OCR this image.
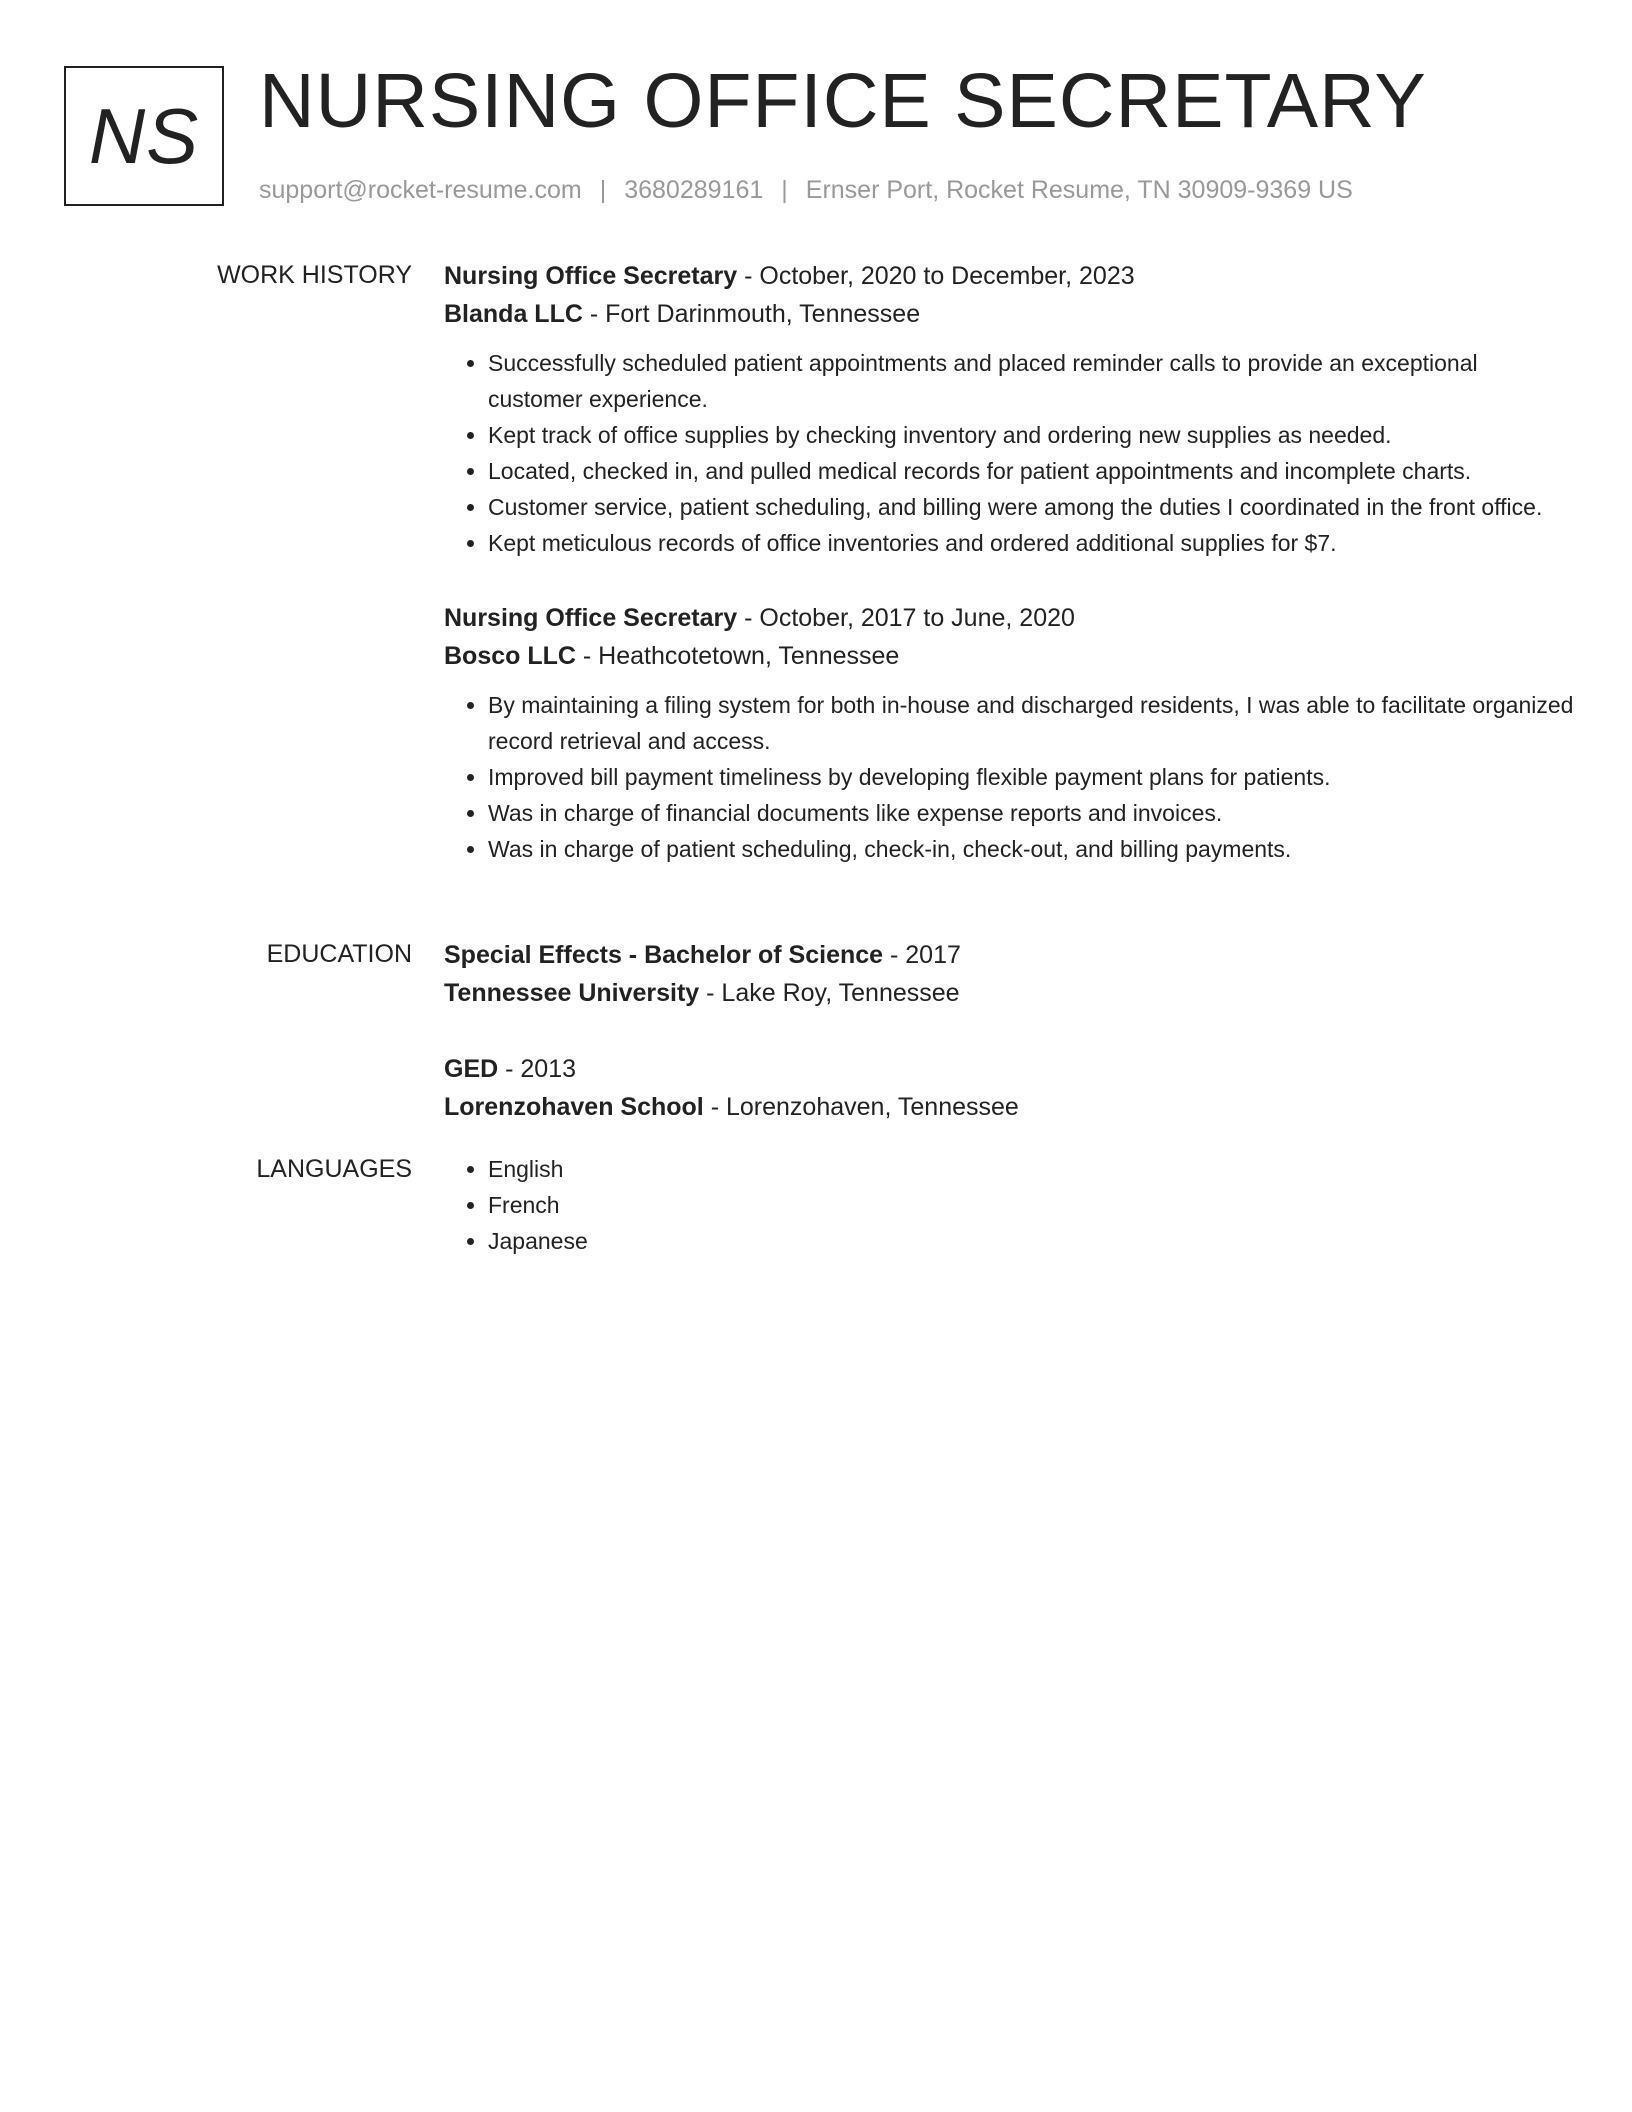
NS NURSING OFFICE SECRETARY
support@rocket-resume.com | 3680289161 | Ernser Port, Rocket Resume, TN 30909-9369 US
WORK HISTORY Nursing Office Secretary - October, 2020 to December, 2023
Blanda LLC - Fort Darinmouth, Tennessee
• Successfully scheduled patient appointments and placed reminder calls to provide an exceptional customer experience.
• Kept track of office supplies by checking inventory and ordering new supplies as needed.
• Located, checked in, and pulled medical records for patient appointments and incomplete charts.
• Customer service, patient scheduling, and billing were among the duties I coordinated in the front office.
• Kept meticulous records of office inventories and ordered additional supplies for $7.
Nursing Office Secretary - October, 2017 to June, 2020
Bosco LLC - Heathcotetown, Tennessee
• By maintaining a filing system for both in-house and discharged residents, I was able to facilitate organized record retrieval and access.
• Improved bill payment timeliness by developing flexible payment plans for patients.
• Was in charge of financial documents like expense reports and invoices.
• Was in charge of patient scheduling, check-in, check-out, and billing payments.
EDUCATION Special Effects - Bachelor of Science - 2017
Tennessee University - Lake Roy, Tennessee
GED - 2013
Lorenzohaven School - Lorenzohaven, Tennessee
LANGUAGES
•	English
• French
• Japanese
